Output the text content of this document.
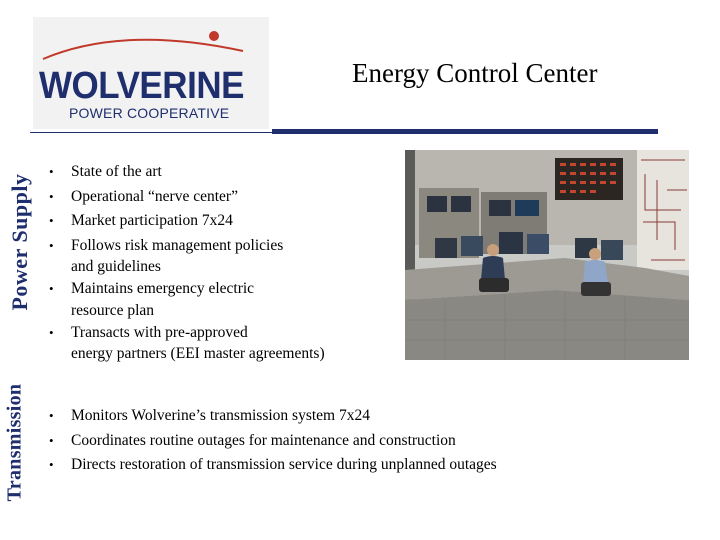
WOLVERINE
POWER COOPERATIVE
Energy Control Center
Power Supply
Transmission
• State of the art
• Operational “nerve center”
• Market participation 7x24
• Follows risk management policies
and guidelines
• Maintains emergency electric
resource plan
• Transacts with pre-approved
energy partners (EEI master agreements)
• Monitors Wolverine’s transmission system 7x24
• Coordinates routine outages for maintenance and construction
• Directs restoration of transmission service during unplanned outages
